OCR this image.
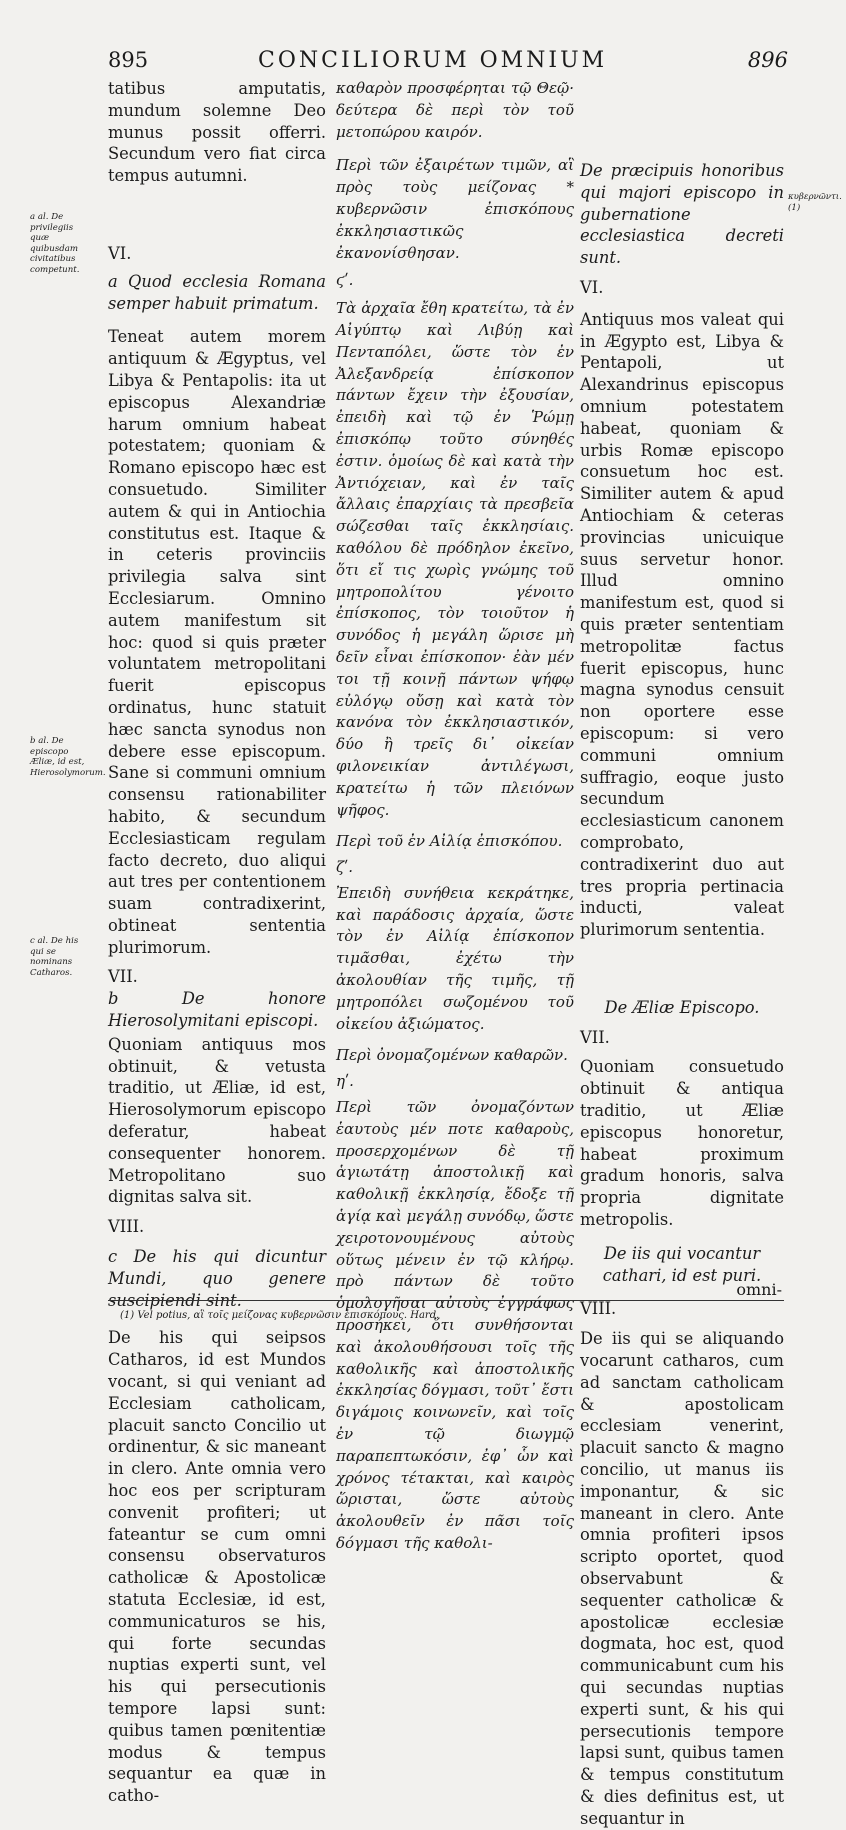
895	CONCILIORUM OMNIUM	896
a al. De privilegiis quæ quibusdam civitatibus competunt.
b al. De episcopo Æliæ, id est, Hierosolymorum.
c al. De his qui se nominans Catharos.
κυβερνῶντι. (1)

tatibus amputatis, mundum solemne Deo munus possit offerri. Secundum vero fiat circa tempus autumni.

VI.

a Quod ecclesia Romana semper habuit primatum.

Teneat autem morem antiquum & Ægyptus, vel Libya & Pentapolis: ita ut episcopus Alexandriæ harum omnium habeat potestatem; quoniam & Romano episcopo hæc est consuetudo. Similiter autem & qui in Antiochia constitutus est. Itaque & in ceteris provinciis privilegia salva sint Ecclesiarum. Omnino autem manifestum sit hoc: quod si quis præter voluntatem metropolitani fuerit episcopus ordinatus, hunc statuit hæc sancta synodus non debere esse episcopum. Sane si communi omnium consensu rationabiliter habito, & secundum Ecclesiasticam regulam facto decreto, duo aliqui aut tres per contentionem suam contradixerint, obtineat sententia plurimorum.

VII.

b De honore Hierosolymitani episcopi.

Quoniam antiquus mos obtinuit, & vetusta traditio, ut Æliæ, id est, Hierosolymorum episcopo deferatur, habeat consequenter honorem. Metropolitano suo dignitas salva sit.

VIII.

c De his qui dicuntur Mundi, quo genere suscipiendi sint.

De his qui seipsos Catharos, id est Mundos vocant, si qui veniant ad Ecclesiam catholicam, placuit sancto Concilio ut ordinentur, & sic maneant in clero. Ante omnia vero hoc eos per scripturam convenit profiteri; ut fateantur se cum omni consensu observaturos catholicæ & Apostolicæ statuta Ecclesiæ, id est, communicaturos se his, qui forte secundas nuptias experti sunt, vel his qui persecutionis tempore lapsi sunt: quibus tamen pœnitentiæ modus & tempus sequantur ea quæ in catho-

καθαρὸν προσφέρηται τῷ Θεῷ· δεύτερα δὲ περὶ τὸν τοῦ μετοπώρου καιρόν.

Περὶ τῶν ἐξαιρέτων τιμῶν, αἳ πρὸς τοὺς μείζονας * κυβερνῶσιν ἐπισκόπους ἐκκλησιαστικῶς ἐκανονίσθησαν.

ϛʹ.

Τὰ ἀρχαῖα ἔθη κρατείτω, τὰ ἐν Αἰγύπτῳ καὶ Λιβύῃ καὶ Πενταπόλει, ὥστε τὸν ἐν Ἀλεξανδρείᾳ ἐπίσκοπον πάντων ἔχειν τὴν ἐξουσίαν, ἐπειδὴ καὶ τῷ ἐν Ῥώμῃ ἐπισκόπῳ τοῦτο σύνηθές ἐστιν. ὁμοίως δὲ καὶ κατὰ τὴν Ἀντιόχειαν, καὶ ἐν ταῖς ἄλλαις ἐπαρχίαις τὰ πρεσβεῖα σώζεσθαι ταῖς ἐκκλησίαις. καθόλου δὲ πρόδηλον ἐκεῖνο, ὅτι εἴ τις χωρὶς γνώμης τοῦ μητροπολίτου γένοιτο ἐπίσκοπος, τὸν τοιοῦτον ἡ συνόδος ἡ μεγάλη ὥρισε μὴ δεῖν εἶναι ἐπίσκοπον· ἐὰν μέν τοι τῇ κοινῇ πάντων ψήφῳ εὐλόγῳ οὔσῃ καὶ κατὰ τὸν κανόνα τὸν ἐκκλησιαστικόν, δύο ἢ τρεῖς δι᾿ οἰκείαν φιλονεικίαν ἀντιλέγωσι, κρατείτω ἡ τῶν πλειόνων ψῆφος.

Περὶ τοῦ ἐν Αἰλίᾳ ἐπισκόπου.

ζʹ.

Ἐπειδὴ συνήθεια κεκράτηκε, καὶ παράδοσις ἀρχαία, ὥστε τὸν ἐν Αἰλίᾳ ἐπίσκοπον τιμᾶσθαι, ἐχέτω τὴν ἀκολουθίαν τῆς τιμῆς, τῇ μητροπόλει σωζομένου τοῦ οἰκείου ἀξιώματος.

Περὶ ὀνομαζομένων καθαρῶν.

ηʹ.

Περὶ τῶν ὀνομαζόντων ἑαυτοὺς μέν ποτε καθαροὺς, προσερχομένων δὲ τῇ ἁγιωτάτῃ ἀποστολικῇ καὶ καθολικῇ ἐκκλησίᾳ, ἔδοξε τῇ ἁγίᾳ καὶ μεγάλῃ συνόδῳ, ὥστε χειροτονουμένους αὐτοὺς οὕτως μένειν ἐν τῷ κλήρῳ. πρὸ πάντων δὲ τοῦτο ὁμολογῆσαι αὐτοὺς ἐγγράφως προσήκει, ὅτι συνθήσονται καὶ ἀκολουθήσουσι τοῖς τῆς καθολικῆς καὶ ἀποστολικῆς ἐκκλησίας δόγμασι, τοῦτ᾿ ἔστι διγάμοις κοινωνεῖν, καὶ τοῖς ἐν τῷ διωγμῷ παραπεπτωκόσιν, ἐφ᾿ ὧν καὶ χρόνος τέτακται, καὶ καιρὸς ὥρισται, ὥστε αὐτοὺς ἀκολουθεῖν ἐν πᾶσι τοῖς δόγμασι τῆς καθολι-

De præcipuis honoribus qui majori episcopo in gubernatione ecclesiastica decreti sunt.

VI.

Antiquus mos valeat qui in Ægypto est, Libya & Pentapoli, ut Alexandrinus episcopus omnium potestatem habeat, quoniam & urbis Romæ episcopo consuetum hoc est. Similiter autem & apud Antiochiam & ceteras provincias unicuique suus servetur honor. Illud omnino manifestum est, quod si quis præter sententiam metropolitæ factus fuerit episcopus, hunc magna synodus censuit non oportere esse episcopum: si vero communi omnium suffragio, eoque justo secundum ecclesiasticum canonem comprobato, contradixerint duo aut tres propria pertinacia inducti, valeat plurimorum sententia.

De Æliæ Episcopo.

VII.

Quoniam consuetudo obtinuit & antiqua traditio, ut Æliæ episcopus honoretur, habeat proximum gradum honoris, salva propria dignitate metropolis.

De iis qui vocantur cathari, id est puri.

VIII.

De iis qui se aliquando vocarunt catharos, cum ad sanctam catholicam & apostolicam ecclesiam venerint, placuit sancto & magno concilio, ut manus iis imponantur, & sic maneant in clero. Ante omnia profiteri ipsos scripto oportet, quod observabunt & sequenter catholicæ & apostolicæ ecclesiæ dogmata, hoc est, quod communicabunt cum his qui secundas nuptias experti sunt, & his qui persecutionis tempore lapsi sunt, quibus tamen & tempus constitutum & dies definitus est, ut sequantur in

omni-
(1) Vel potius, αἳ τοῖς μείζονας κυβερνῶσιν ἐπισκόπους. Hard.
